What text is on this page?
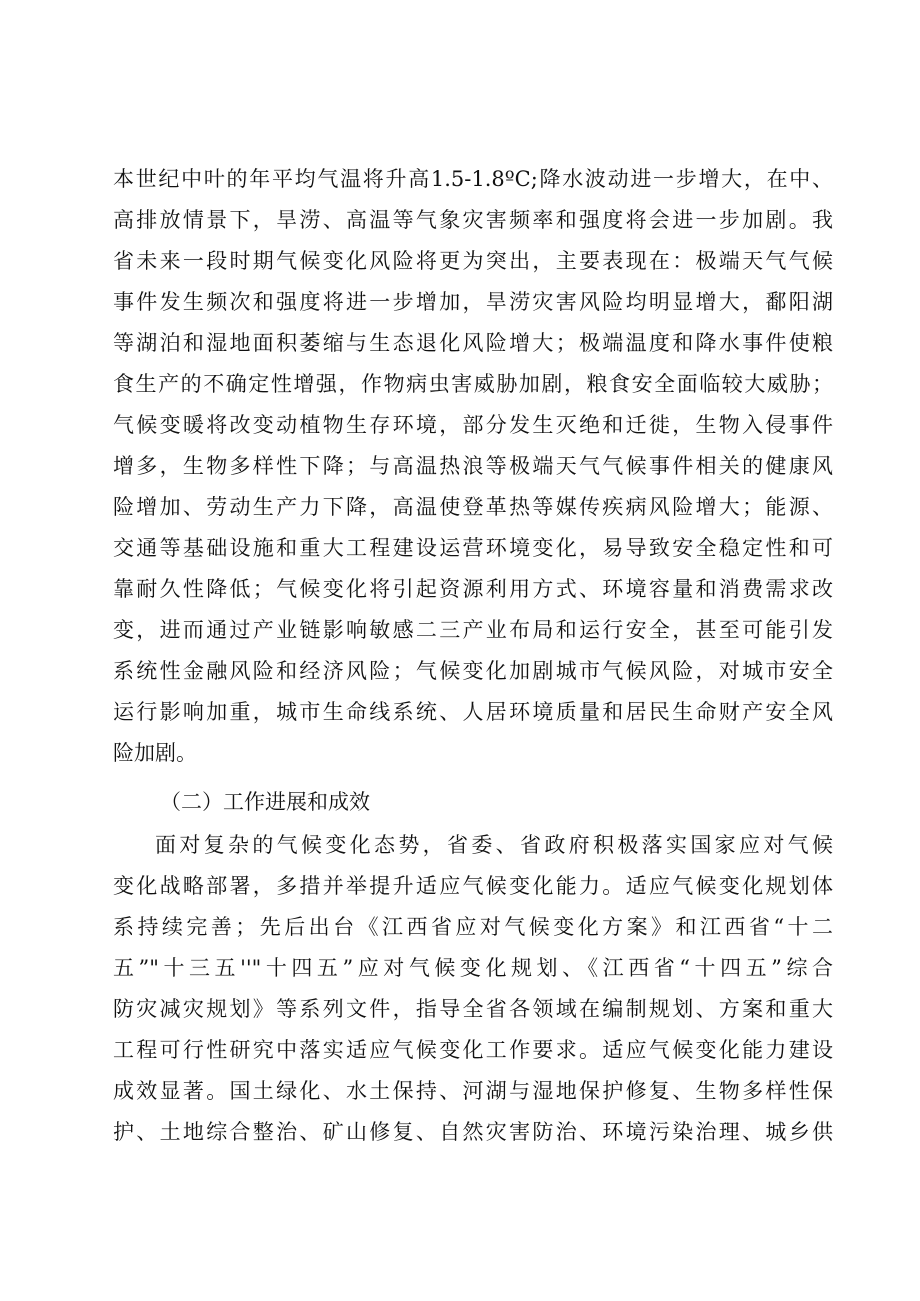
本世纪中叶的年平均气温将升高1.5-1.8ºC;降水波动进一步增大，在中、
高排放情景下，旱涝、高温等气象灾害频率和强度将会进一步加剧。我
省未来一段时期气候变化风险将更为突出，主要表现在：极端天气气候
事件发生频次和强度将进一步增加，旱涝灾害风险均明显增大，鄱阳湖
等湖泊和湿地面积萎缩与生态退化风险增大；极端温度和降水事件使粮
食生产的不确定性增强，作物病虫害威胁加剧，粮食安全面临较大威胁；
气候变暖将改变动植物生存环境，部分发生灭绝和迁徙，生物入侵事件
增多，生物多样性下降；与高温热浪等极端天气气候事件相关的健康风
险增加、劳动生产力下降，高温使登革热等媒传疾病风险增大；能源、
交通等基础设施和重大工程建设运营环境变化，易导致安全稳定性和可
靠耐久性降低；气候变化将引起资源利用方式、环境容量和消费需求改
变，进而通过产业链影响敏感二三产业布局和运行安全，甚至可能引发
系统性金融风险和经济风险；气候变化加剧城市气候风险，对城市安全
运行影响加重，城市生命线系统、人居环境质量和居民生命财产安全风
险加剧。
（二）工作进展和成效
面对复杂的气候变化态势，省委、省政府积极落实国家应对气候
变化战略部署，多措并举提升适应气候变化能力。适应气候变化规划体
系持续完善；先后出台《江西省应对气候变化方案》和江西省“十二
五”"十三五''"十四五”应对气候变化规划、《江西省“十四五”综合
防灾减灾规划》等系列文件，指导全省各领域在编制规划、方案和重大
工程可行性研究中落实适应气候变化工作要求。适应气候变化能力建设
成效显著。国土绿化、水土保持、河湖与湿地保护修复、生物多样性保
护、土地综合整治、矿山修复、自然灾害防治、环境污染治理、城乡供
